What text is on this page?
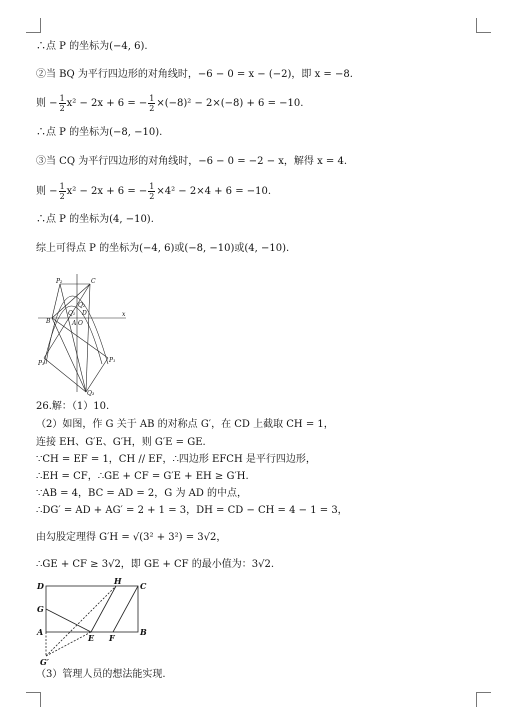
∴点 P 的坐标为(−4, 6).
②当 BQ 为平行四边形的对角线时，−6 − 0 = x − (−2)，即 x = −8.
则 − $\frac{1}{2} x^2 - 2x + 6$ = − $\frac{1}{2} \times(-8)^2 - 2\times(-8) + 6 = -10$.
∴点 P 的坐标为(−8, −10).
③当 CQ 为平行四边形的对角线时，−6 − 0 = −2 − x，解得 x = 4.
则 − $\frac{1}{2} x^2 - 2x + 6$ = − $\frac{1}{2} \times 4^2 - 2\times 4 + 6 = -10$.
∴点 P 的坐标为(4, −10).
综上可得点 P 的坐标为(−4, 6)或(−8, −10)或(4, −10).
P₂	C
Q₂
Q₁ D
B	A O
x
P₃	P₁
Q₃
26.解：（1）10.
（2）如图，作 G 关于 AB 的对称点 G′，在 CD 上截取 CH = 1，
连接 EH、G′E、G′H，则 G′E = GE.
∵CH = EF = 1，CH // EF，∴四边形 EFCH 是平行四边形，
∴EH = CF，∴GE + CF = G′E + EH ≥ G′H.
∵AB = 4，BC = AD = 2，G 为 AD 的中点，
∴DG′ = AD + AG′ = 2 + 1 = 3，DH = CD − CH = 4 − 1 = 3，
由勾股定理得 G′H = √(3² + 3²) = 3√2，
∴GE + CF ≥ 3√2，即 GE + CF 的最小值为：3√2.
D	H C
G
A
E F
B
G′
（3）管理人员的想法能实现.
